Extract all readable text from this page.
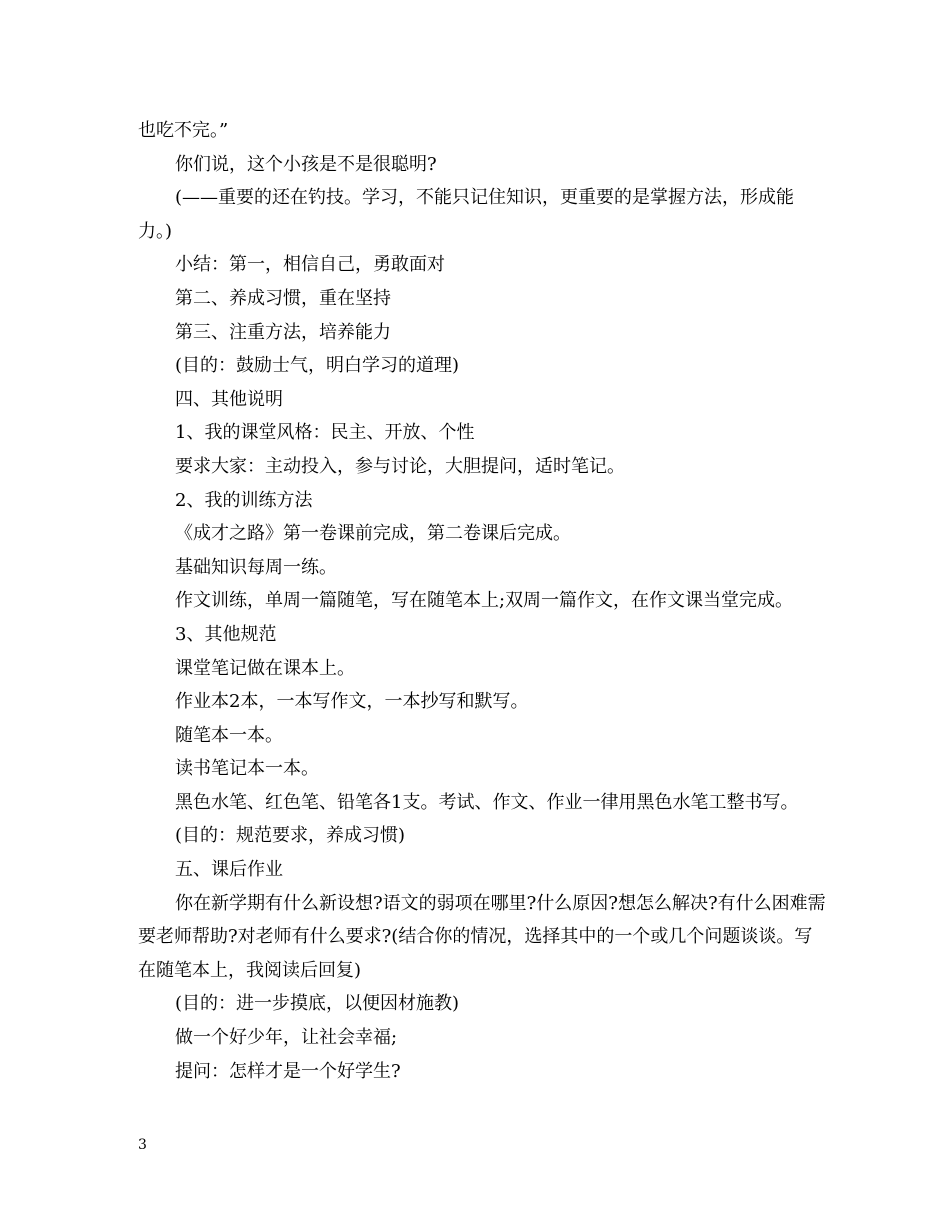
也吃不完。”

你们说，这个小孩是不是很聪明?

(——重要的还在钓技。学习，不能只记住知识，更重要的是掌握方法，形成能力。)

小结：第一，相信自己，勇敢面对

第二、养成习惯，重在坚持

第三、注重方法，培养能力

(目的：鼓励士气，明白学习的道理)

四、其他说明

1、我的课堂风格：民主、开放、个性

要求大家：主动投入，参与讨论，大胆提问，适时笔记。

2、我的训练方法

《成才之路》第一卷课前完成，第二卷课后完成。

基础知识每周一练。

作文训练，单周一篇随笔，写在随笔本上;双周一篇作文，在作文课当堂完成。

3、其他规范

课堂笔记做在课本上。

作业本2本，一本写作文，一本抄写和默写。

随笔本一本。

读书笔记本一本。

黑色水笔、红色笔、铅笔各1支。考试、作文、作业一律用黑色水笔工整书写。

(目的：规范要求，养成习惯)

五、课后作业

你在新学期有什么新设想?语文的弱项在哪里?什么原因?想怎么解决?有什么困难需要老师帮助?对老师有什么要求?(结合你的情况，选择其中的一个或几个问题谈谈。写在随笔本上，我阅读后回复)

(目的：进一步摸底，以便因材施教)

做一个好少年，让社会幸福;

提问：怎样才是一个好学生?

3
